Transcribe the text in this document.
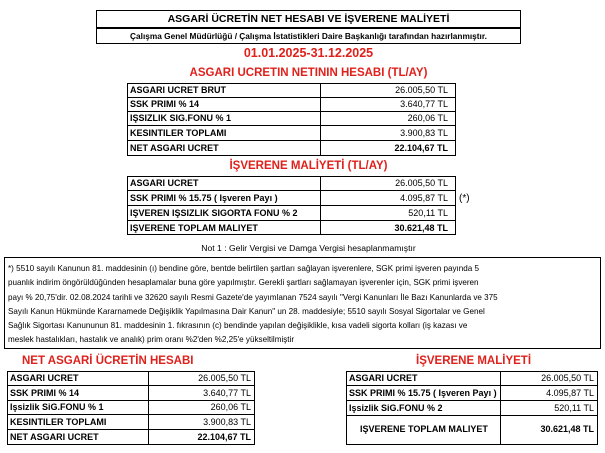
ASGARİ ÜCRETİN NET HESABI VE İŞVERENE MALİYETİ
Çalışma Genel Müdürlüğü / Çalışma İstatistikleri Daire Başkanlığı tarafından hazırlanmıştır.
01.01.2025-31.12.2025
ASGARI UCRETIN NETININ HESABI (TL/AY)
ASGARİ ÜCRET BRÜT	26.005,50 TL
SSK PRİMİ % 14	3.640,77 TL
İŞSİZLİK SİG.FONU % 1	260,06 TL
KESİNTİLER TOPLAMI	3.900,83 TL
NET ASGARİ ÜCRET	22.104,67 TL
İŞVERENE MALİYETİ (TL/AY)
ASGARİ ÜCRET	26.005,50 TL
SSK PRİMİ % 15.75 ( İşveren Payı )	4.095,87 TL
İŞVEREN İŞSİZLİK SİGORTA FONU % 2	520,11 TL
İŞVERENE TOPLAM MALİYET	30.621,48 TL
(*)
Not 1 : Gelir Vergisi ve Damga Vergisi hesaplanmamıştır
*) 5510 sayılı Kanunun 81. maddesinin (ı) bendine göre, bentde belirtilen şartları sağlayan işverenlere, SGK primi işveren payında 5
puanlık indirim öngörüldüğünden hesaplamalar buna göre yapılmıştır. Gerekli şartları sağlamayan işverenler için, SGK primi işveren
payı % 20,75'dir. 02.08.2024 tarihli ve 32620 sayılı Resmi Gazete'de yayımlanan 7524 sayılı "Vergi Kanunları İle Bazı Kanunlarda ve 375
Sayılı Kanun Hükmünde Kararnamede Değişiklik Yapılmasına Dair Kanun" un 28. maddesiyle; 5510 sayılı Sosyal Sigortalar ve Genel
Sağlık Sigortası Kanununun 81. maddesinin 1. fıkrasının (c) bendinde yapılan değişiklikle, kısa vadeli sigorta kolları (iş kazası ve
meslek hastalıkları, hastalık ve analık) prim oranı %2'den %2,25'e yükseltilmiştir
NET ASGARİ ÜCRETİN HESABI
ASGARİ ÜCRET	26.005,50 TL
SSK PRİMİ % 14	3.640,77 TL
İşsizlik SiG.FONU % 1	260,06 TL
KESİNTİLER TOPLAMI	3.900,83 TL
NET ASGARİ ÜCRET	22.104,67 TL
İŞVERENE MALİYETİ
ASGARİ ÜCRET	26.005,50 TL
SSK PRİMİ % 15.75 ( İşveren Payı )	4.095,87 TL
İşsizlik SiG.FONU % 2	520,11 TL
İŞVERENE TOPLAM MALİYET	30.621,48 TL
